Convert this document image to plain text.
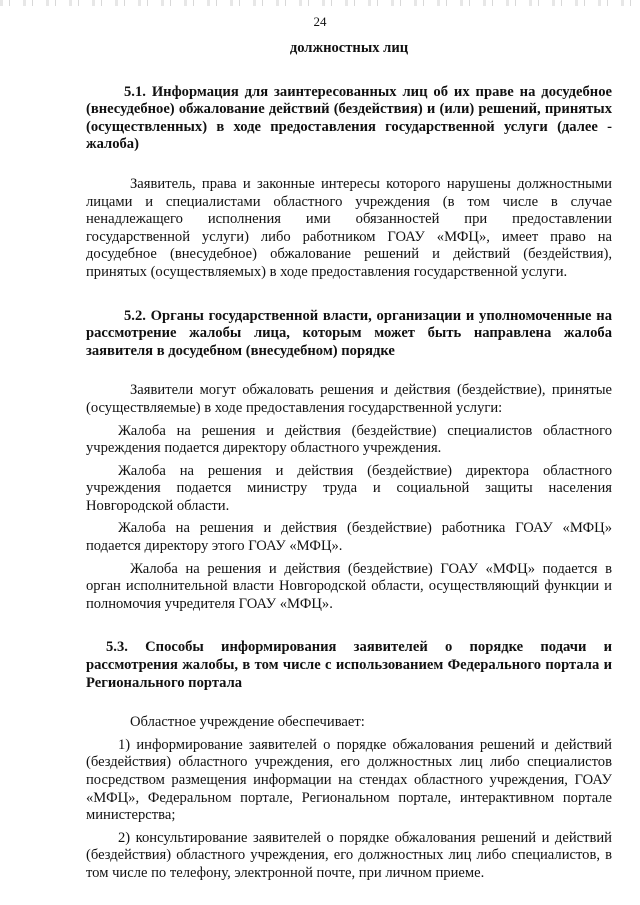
24

должностных лиц

5.1. Информация для заинтересованных лиц об их праве на досудебное (внесудебное) обжалование действий (бездействия) и (или) решений, принятых (осуществленных) в ходе предоставления государственной услуги (далее - жалоба)

Заявитель, права и законные интересы которого нарушены должностными лицами и специалистами областного учреждения (в том числе в случае ненадлежащего исполнения ими обязанностей при предоставлении государственной услуги) либо работником ГОАУ «МФЦ», имеет право на досудебное (внесудебное) обжалование решений и действий (бездействия), принятых (осуществляемых) в ходе предоставления государственной услуги.

5.2. Органы государственной власти, организации и уполномоченные на рассмотрение жалобы лица, которым может быть направлена жалоба заявителя в досудебном (внесудебном) порядке

Заявители могут обжаловать решения и действия (бездействие), принятые (осуществляемые) в ходе предоставления государственной услуги:

Жалоба на решения и действия (бездействие) специалистов областного учреждения подается директору областного учреждения.

Жалоба на решения и действия (бездействие) директора областного учреждения подается министру труда и социальной защиты населения Новгородской области.

Жалоба на решения и действия (бездействие) работника ГОАУ «МФЦ» подается директору этого ГОАУ «МФЦ».

Жалоба на решения и действия (бездействие) ГОАУ «МФЦ» подается в орган исполнительной власти Новгородской области, осуществляющий функции и полномочия учредителя ГОАУ «МФЦ».

5.3. Способы информирования заявителей о порядке подачи и рассмотрения жалобы, в том числе с использованием Федерального портала и Регионального портала

Областное учреждение обеспечивает:

1) информирование заявителей о порядке обжалования решений и действий (бездействия) областного учреждения, его должностных лиц либо специалистов посредством размещения информации на стендах областного учреждения, ГОАУ «МФЦ», Федеральном портале, Региональном портале, интерактивном портале министерства;

2) консультирование заявителей о порядке обжалования решений и действий (бездействия) областного учреждения, его должностных лиц либо специалистов, в том числе по телефону, электронной почте, при личном приеме.
